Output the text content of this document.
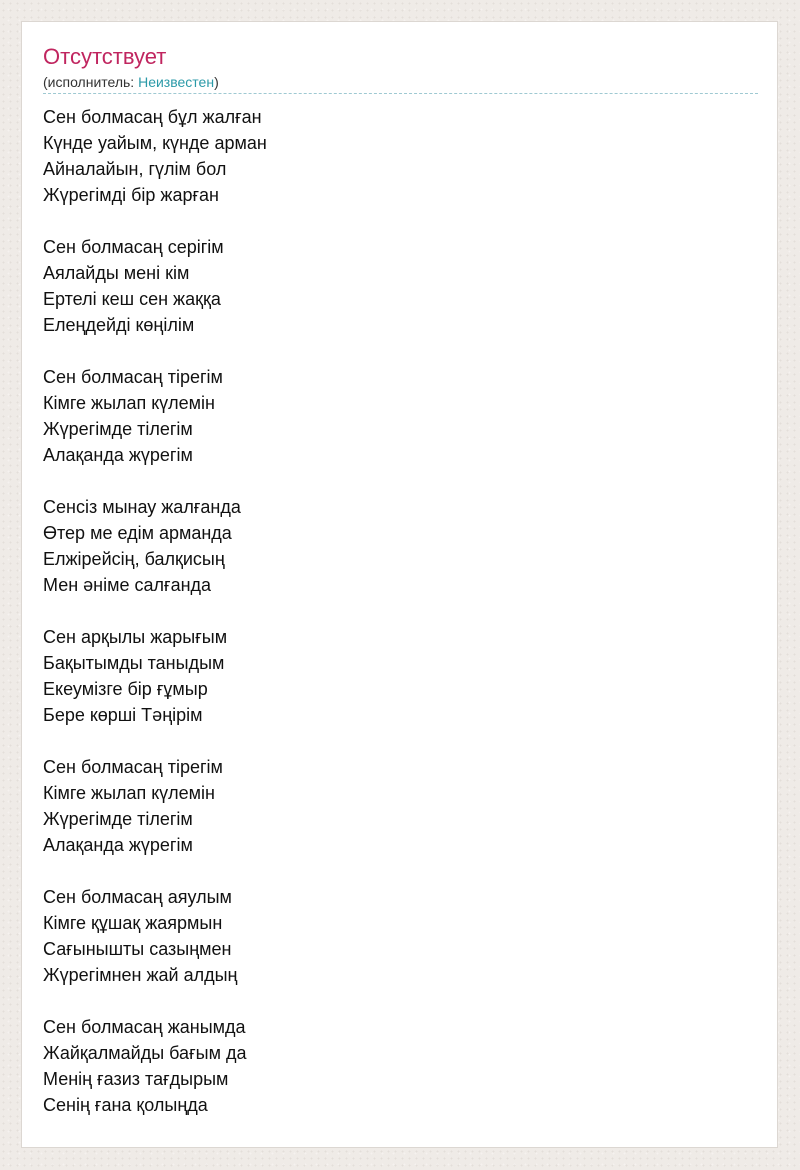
Отсутствует
(исполнитель: Неизвестен)
Сен болмасаң бұл жалған
Күнде уайым, күнде арман
Айналайын, гүлім бол
Жүрегімді бір жарған
Сен болмасаң серігім
Аялайды мені кім
Ертелі кеш сен жаққа
Елеңдейді көңілім
Сен болмасаң тірегім
Кімге жылап күлемін
Жүрегімде тілегім
Алақанда жүрегім
Сенсіз мынау жалғанда
Өтер ме едім арманда
Елжірейсің, балқисың
Мен әніме салғанда
Сен арқылы жарығым
Бақытымды таныдым
Екеумізге бір ғұмыр
Бере көрші Тәңірім
Сен болмасаң тірегім
Кімге жылап күлемін
Жүрегімде тілегім
Алақанда жүрегім
Сен болмасаң аяулым
Кімге құшақ жаярмын
Сағынышты сазыңмен
Жүрегімнен жай алдың
Сен болмасаң жанымда
Жайқалмайды бағым да
Менің ғазиз тағдырым
Сенің ғана қолыңда
